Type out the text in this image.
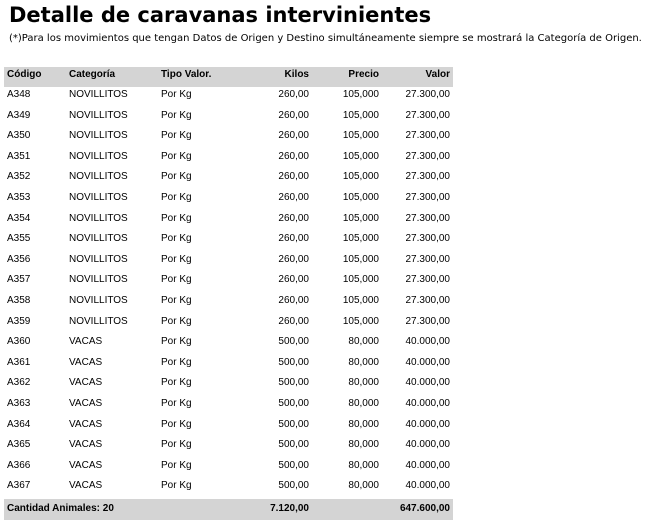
Detalle de caravanas intervinientes

(*)Para los movimientos que tengan Datos de Origen y Destino simultáneamente siempre se mostrará la Categoría de Origen.

Código	Categoría	Tipo Valor.	Kilos	Precio	Valor
A348	NOVILLITOS	Por Kg	260,00	105,000	27.300,00
A349	NOVILLITOS	Por Kg	260,00	105,000	27.300,00
A350	NOVILLITOS	Por Kg	260,00	105,000	27.300,00
A351	NOVILLITOS	Por Kg	260,00	105,000	27.300,00
A352	NOVILLITOS	Por Kg	260,00	105,000	27.300,00
A353	NOVILLITOS	Por Kg	260,00	105,000	27.300,00
A354	NOVILLITOS	Por Kg	260,00	105,000	27.300,00
A355	NOVILLITOS	Por Kg	260,00	105,000	27.300,00
A356	NOVILLITOS	Por Kg	260,00	105,000	27.300,00
A357	NOVILLITOS	Por Kg	260,00	105,000	27.300,00
A358	NOVILLITOS	Por Kg	260,00	105,000	27.300,00
A359	NOVILLITOS	Por Kg	260,00	105,000	27.300,00
A360	VACAS	Por Kg	500,00	80,000	40.000,00
A361	VACAS	Por Kg	500,00	80,000	40.000,00
A362	VACAS	Por Kg	500,00	80,000	40.000,00
A363	VACAS	Por Kg	500,00	80,000	40.000,00
A364	VACAS	Por Kg	500,00	80,000	40.000,00
A365	VACAS	Por Kg	500,00	80,000	40.000,00
A366	VACAS	Por Kg	500,00	80,000	40.000,00
A367	VACAS	Por Kg	500,00	80,000	40.000,00
Cantidad Animales: 20			7.120,00		647.600,00
